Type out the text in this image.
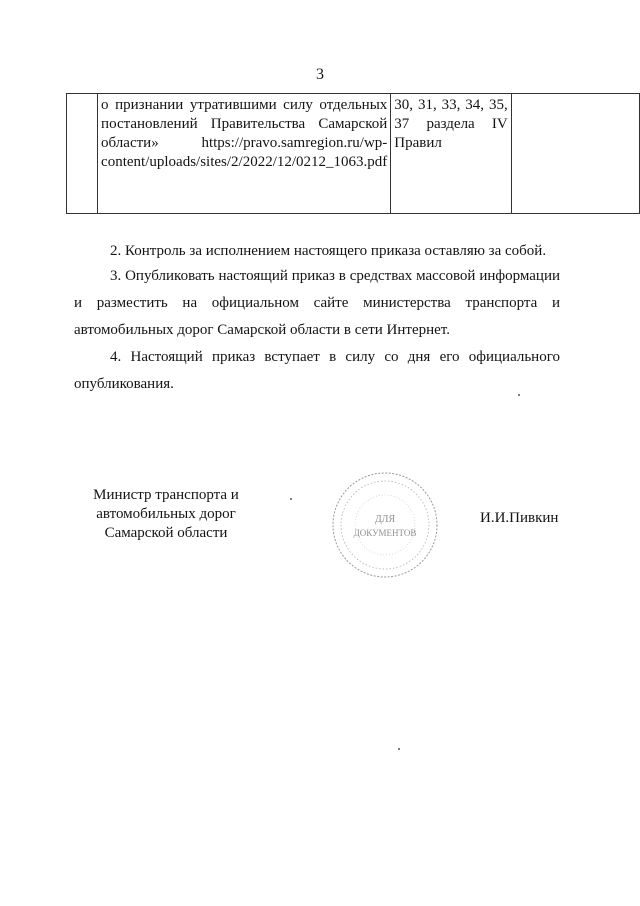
3
	о признании утратившими силу отдельных постановлений Правительства Самарской области» https://pravo.samregion.ru/wp-content/uploads/sites/2/2022/12/0212_1063.pdf	30, 31, 33, 34, 35, 37 раздела IV Правил	
2. Контроль за исполнением настоящего приказа оставляю за собой.
3. Опубликовать настоящий приказ в средствах массовой информации и разместить на официальном сайте министерства транспорта и автомобильных дорог Самарской области в сети Интернет.
4. Настоящий приказ вступает в силу со дня его официального опубликования.
Министр транспорта и
автомобильных дорог
Самарской области
ДЛЯ
ДОКУМЕНТОВ
И.И.Пивкин
